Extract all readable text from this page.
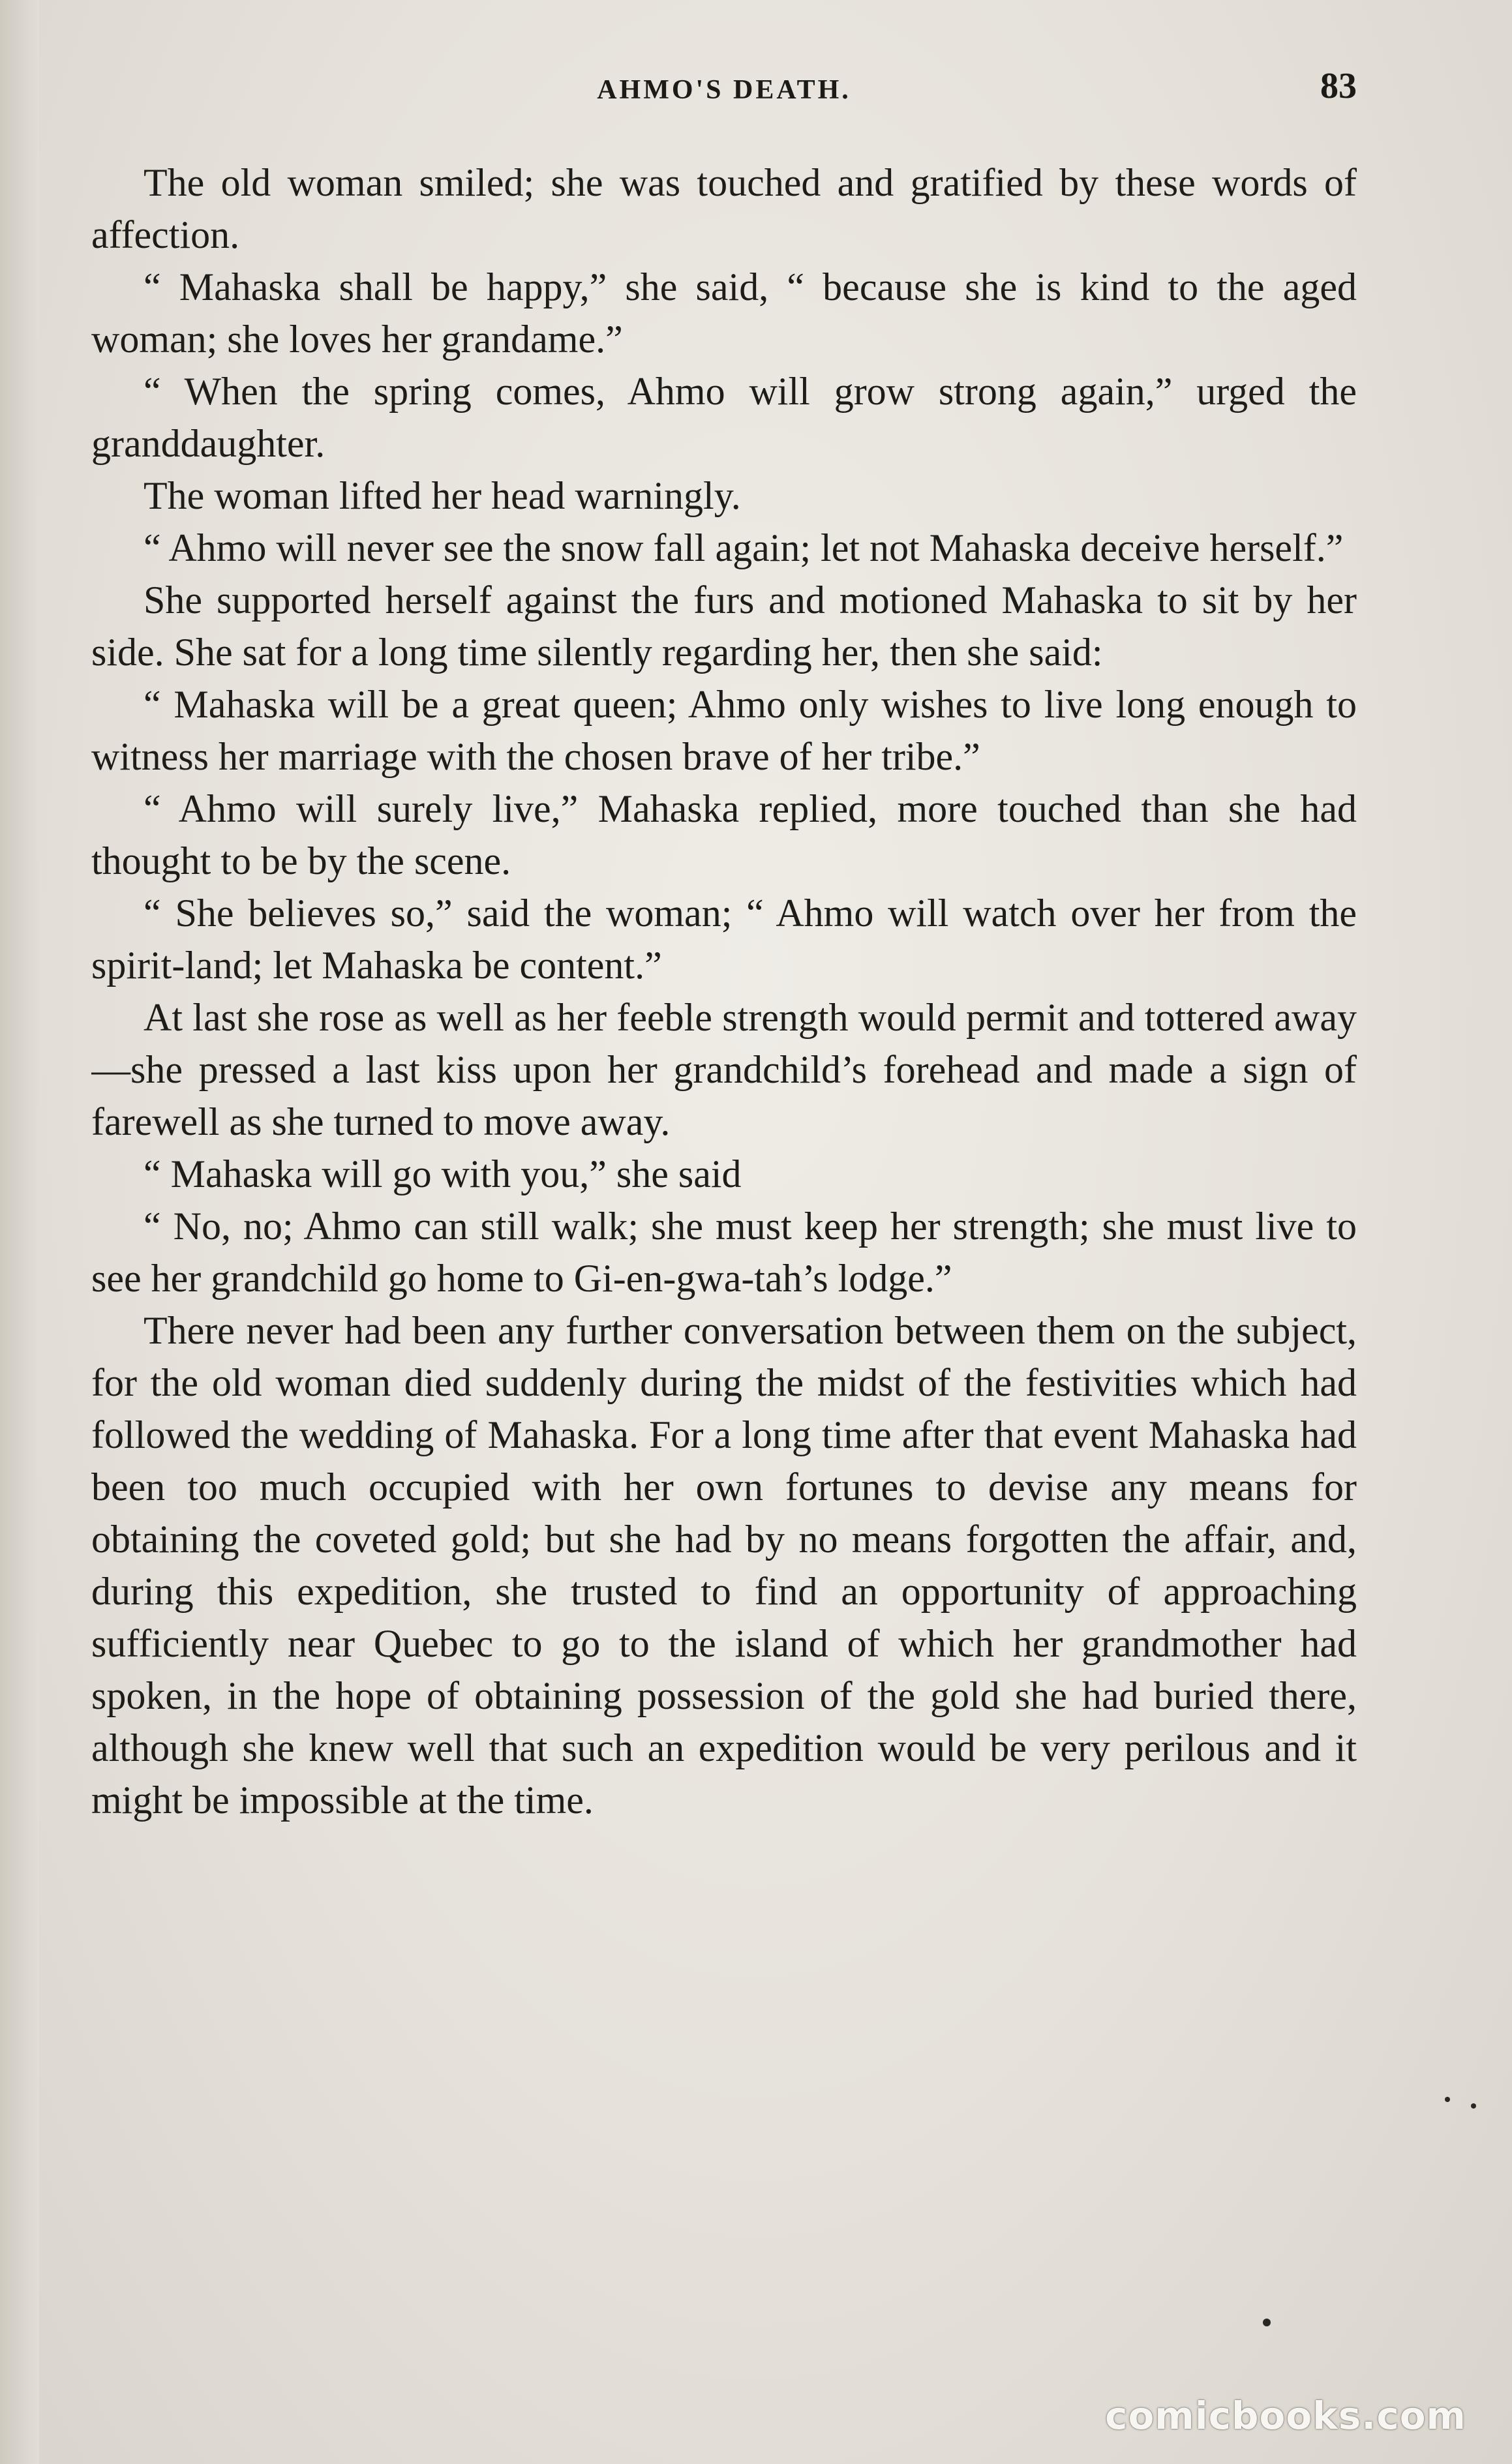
AHMO'S DEATH.	83

The old woman smiled; she was touched and gratified by these words of affection.

“ Mahaska shall be happy,” she said, “ because she is kind to the aged woman; she loves her grandame.”

“ When the spring comes, Ahmo will grow strong again,” urged the granddaughter.

The woman lifted her head warningly.

“ Ahmo will never see the snow fall again; let not Mahaska deceive herself.”

She supported herself against the furs and motioned Mahaska to sit by her side. She sat for a long time silently regarding her, then she said:

“ Mahaska will be a great queen; Ahmo only wishes to live long enough to witness her marriage with the chosen brave of her tribe.”

“ Ahmo will surely live,” Mahaska replied, more touched than she had thought to be by the scene.

“ She believes so,” said the woman; “ Ahmo will watch over her from the spirit-land; let Mahaska be content.”

At last she rose as well as her feeble strength would permit and tottered away—she pressed a last kiss upon her grandchild’s forehead and made a sign of farewell as she turned to move away.

“ Mahaska will go with you,” she said

“ No, no; Ahmo can still walk; she must keep her strength; she must live to see her grandchild go home to Gi-en-gwa-tah’s lodge.”

There never had been any further conversation between them on the subject, for the old woman died suddenly during the midst of the festivities which had followed the wedding of Mahaska. For a long time after that event Mahaska had been too much occupied with her own fortunes to devise any means for obtaining the coveted gold; but she had by no means forgotten the affair, and, during this expedition, she trusted to find an opportunity of approaching sufficiently near Quebec to go to the island of which her grandmother had spoken, in the hope of obtaining possession of the gold she had buried there, although she knew well that such an expedition would be very perilous and it might be impossible at the time.

comicbooks.com
